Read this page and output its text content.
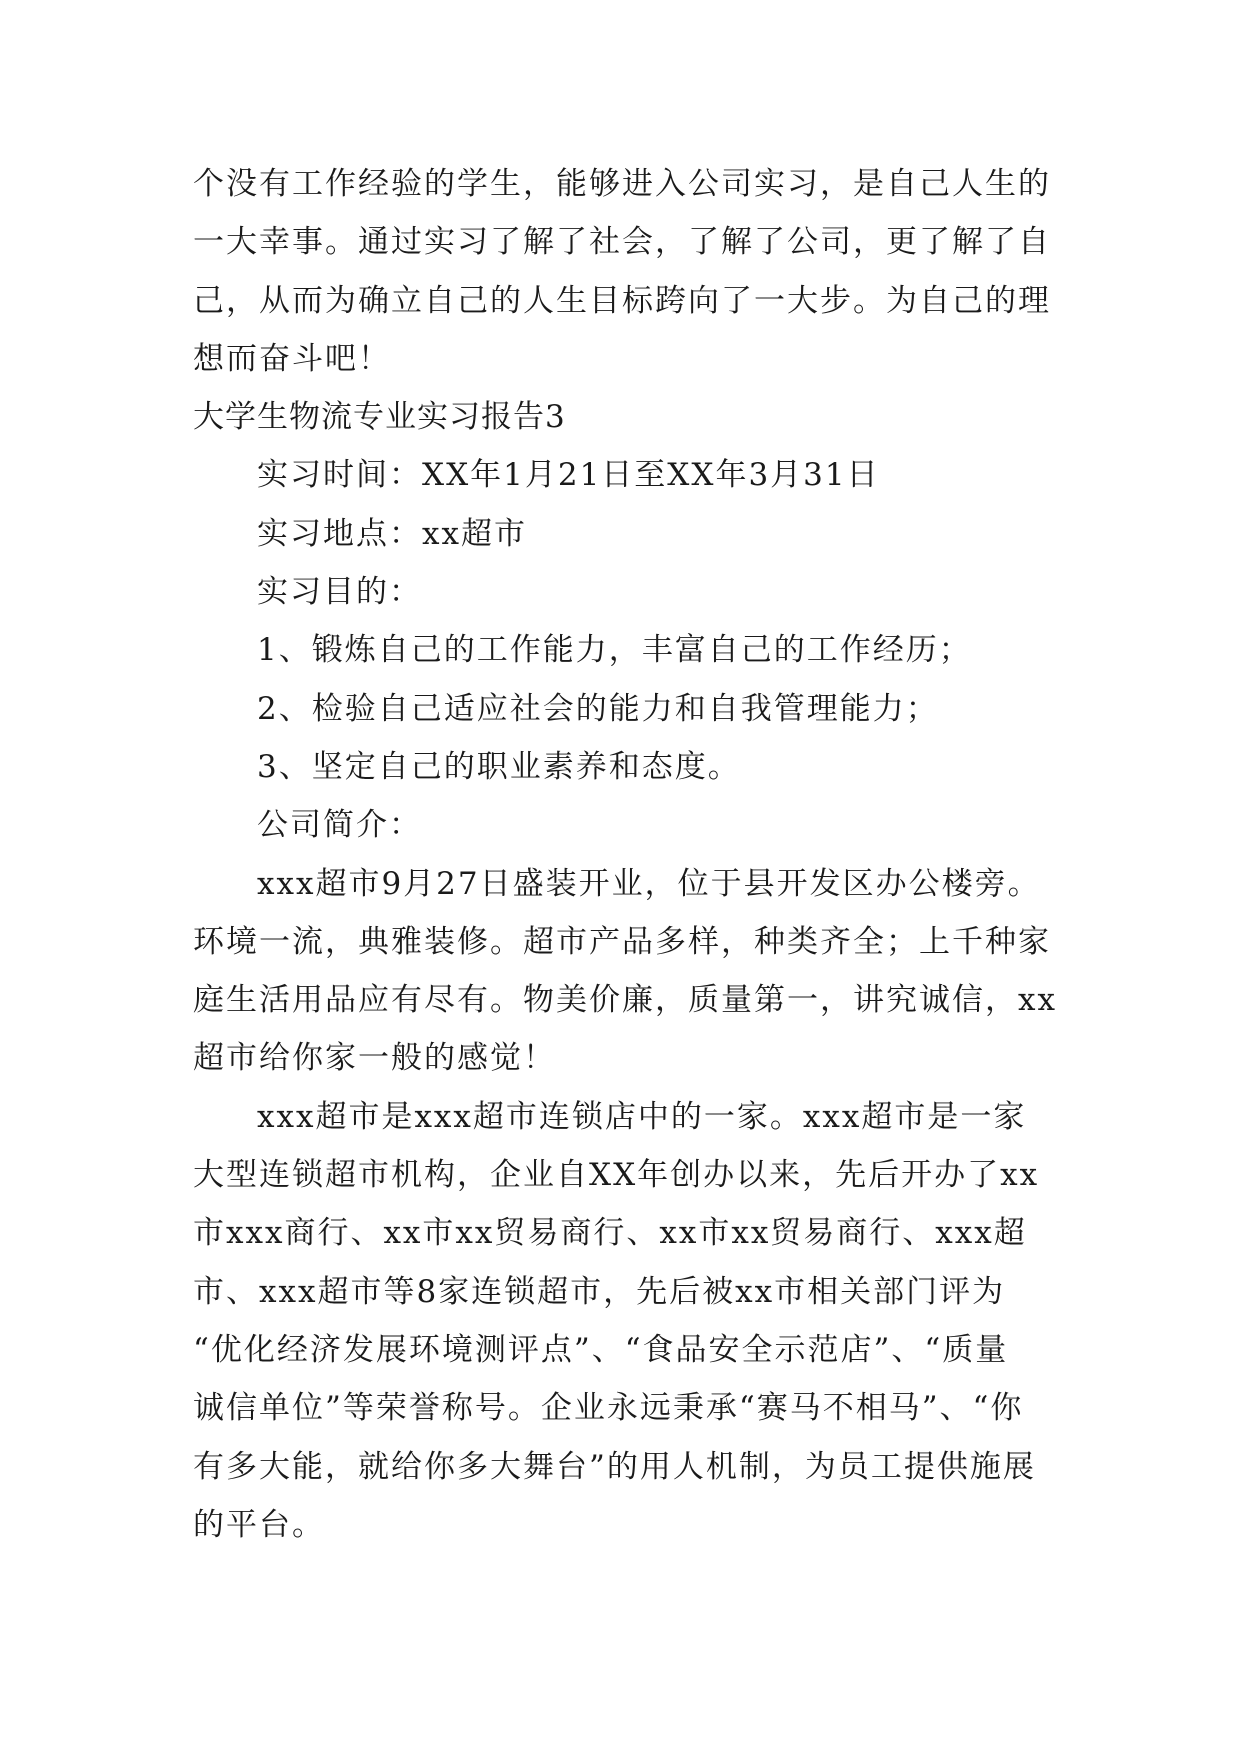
个没有工作经验的学生，能够进入公司实习，是自己人生的
一大幸事。通过实习了解了社会，了解了公司，更了解了自
己，从而为确立自己的人生目标跨向了一大步。为自己的理
想而奋斗吧！
大学生物流专业实习报告3
实习时间：XX年1月21日至XX年3月31日
实习地点：xx超市
实习目的：
1、锻炼自己的工作能力，丰富自己的工作经历；
2、检验自己适应社会的能力和自我管理能力；
3、坚定自己的职业素养和态度。
公司简介：
xxx超市9月27日盛装开业，位于县开发区办公楼旁。
环境一流，典雅装修。超市产品多样，种类齐全；上千种家
庭生活用品应有尽有。物美价廉，质量第一，讲究诚信，xx
超市给你家一般的感觉！
xxx超市是xxx超市连锁店中的一家。xxx超市是一家
大型连锁超市机构，企业自XX年创办以来，先后开办了xx
市xxx商行、xx市xx贸易商行、xx市xx贸易商行、xxx超
市、xxx超市等8家连锁超市，先后被xx市相关部门评为
“优化经济发展环境测评点”、“食品安全示范店”、“质量
诚信单位”等荣誉称号。企业永远秉承“赛马不相马”、“你
有多大能，就给你多大舞台”的用人机制，为员工提供施展
的平台。
